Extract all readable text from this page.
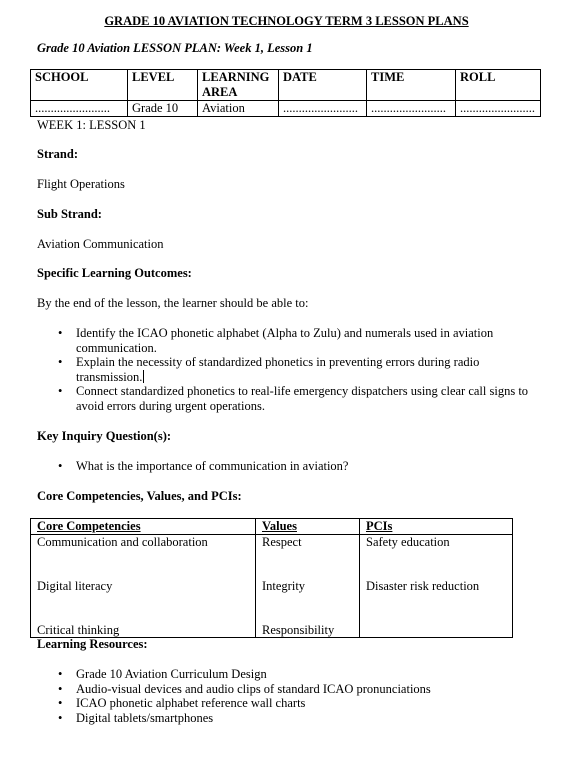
GRADE 10 AVIATION TECHNOLOGY TERM 3 LESSON PLANS
Grade 10 Aviation LESSON PLAN: Week 1, Lesson 1
SCHOOL	LEVEL	LEARNING AREA	DATE	TIME	ROLL
........................	Grade 10	Aviation	........................	........................	........................
WEEK 1: LESSON 1
Strand:
Flight Operations
Sub Strand:
Aviation Communication
Specific Learning Outcomes:
By the end of the lesson, the learner should be able to:
• Identify the ICAO phonetic alphabet (Alpha to Zulu) and numerals used in aviation communication.
• Explain the necessity of standardized phonetics in preventing errors during radio transmission.
• Connect standardized phonetics to real-life emergency dispatchers using clear call signs to avoid errors during urgent operations.
Key Inquiry Question(s):
• What is the importance of communication in aviation?
Core Competencies, Values, and PCIs:
Core Competencies	Values	PCIs
Communication and collaboration	Respect	Safety education
Digital literacy	Integrity	Disaster risk reduction
Critical thinking	Responsibility	
Learning Resources:
• Grade 10 Aviation Curriculum Design
• Audio-visual devices and audio clips of standard ICAO pronunciations
• ICAO phonetic alphabet reference wall charts
• Digital tablets/smartphones
